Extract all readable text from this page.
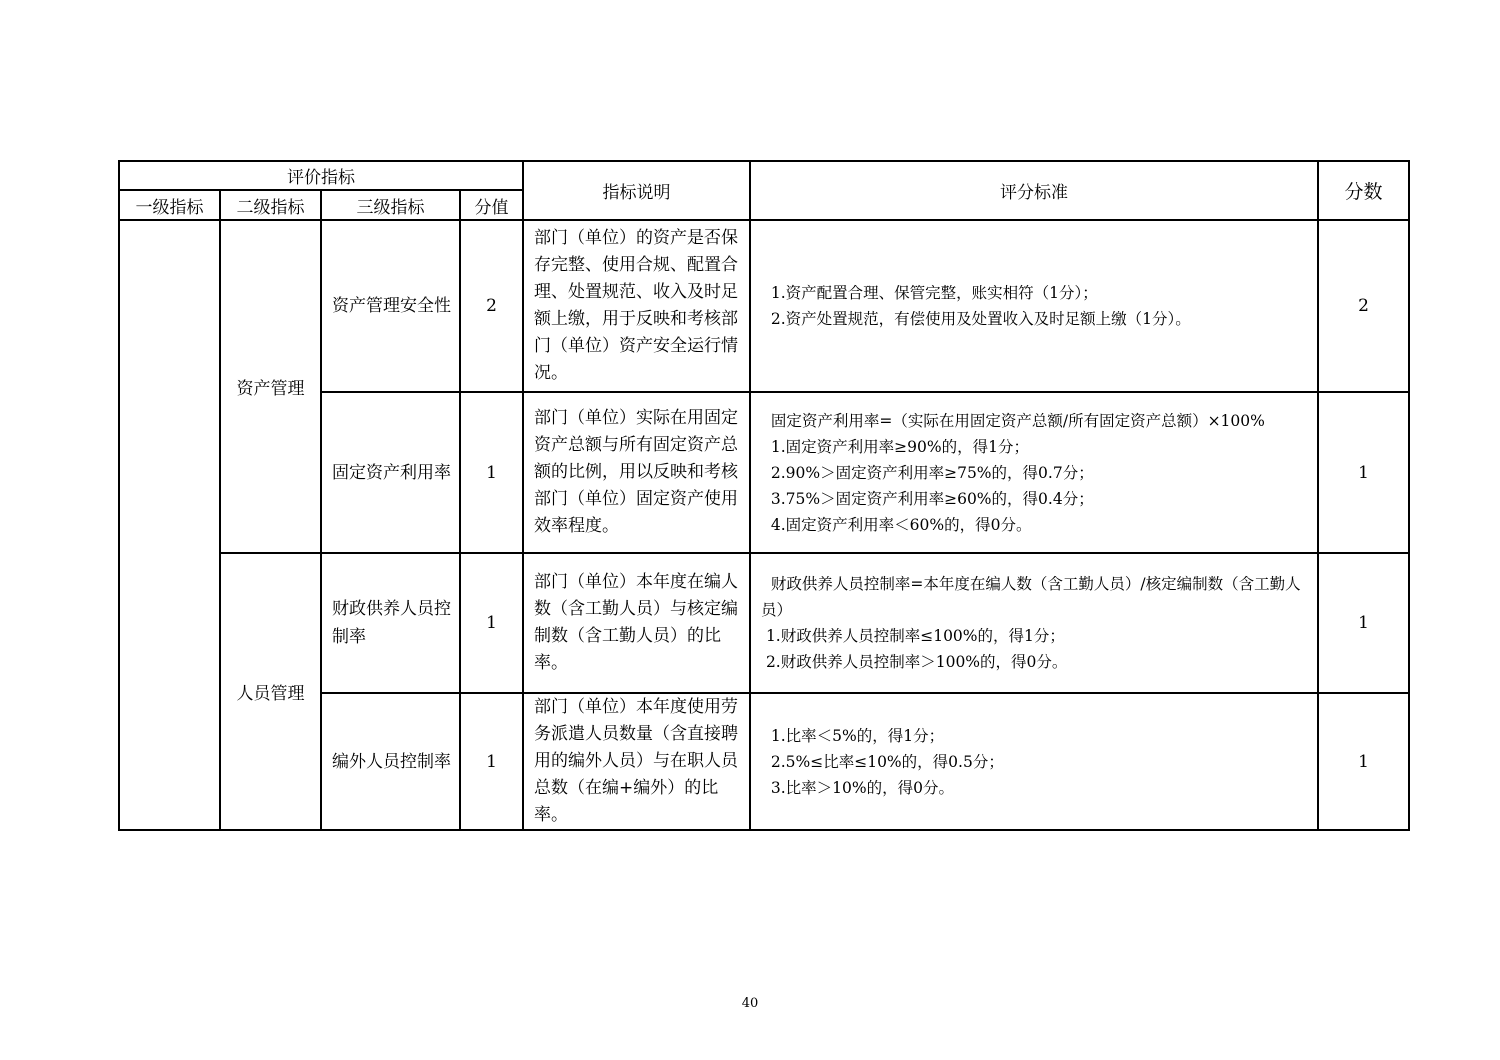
评价指标				指标说明	评分标准	分数
一级指标	二级指标	三级指标	分值			
	资产管理	资产管理安全性	2	部门（单位）的资产是否保存完整、使用合规、配置合理、处置规范、收入及时足额上缴，用于反映和考核部门（单位）资产安全运行情况。	1.资产配置合理、保管完整，账实相符（1分）；
2.资产处置规范，有偿使用及处置收入及时足额上缴（1分）。	2
		固定资产利用率	1	部门（单位）实际在用固定资产总额与所有固定资产总额的比例，用以反映和考核部门（单位）固定资产使用效率程度。	固定资产利用率=（实际在用固定资产总额/所有固定资产总额）×100%
1.固定资产利用率≥90%的，得1分；
2.90%＞固定资产利用率≥75%的，得0.7分；
3.75%＞固定资产利用率≥60%的，得0.4分；
4.固定资产利用率＜60%的，得0分。	1
	人员管理	财政供养人员控制率	1	部门（单位）本年度在编人数（含工勤人员）与核定编制数（含工勤人员）的比率。	财政供养人员控制率=本年度在编人数（含工勤人员）/核定编制数（含工勤人员）
1.财政供养人员控制率≤100%的，得1分；
2.财政供养人员控制率＞100%的，得0分。	1
		编外人员控制率	1	部门（单位）本年度使用劳务派遣人员数量（含直接聘用的编外人员）与在职人员总数（在编+编外）的比率。	1.比率＜5%的，得1分；
2.5%≤比率≤10%的，得0.5分；
3.比率＞10%的，得0分。	1
40
